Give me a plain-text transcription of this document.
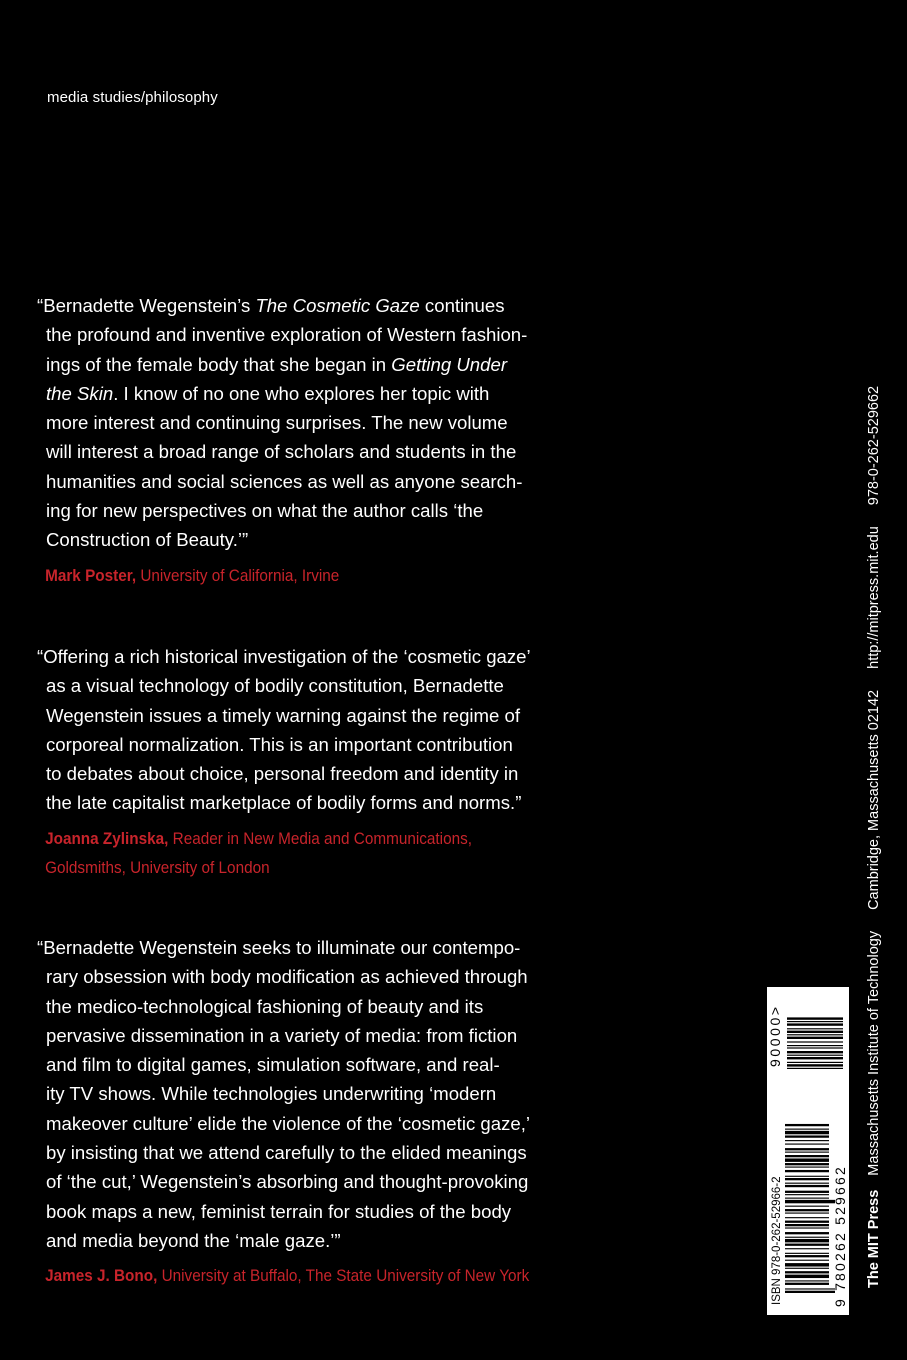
media studies/philosophy

“Bernadette Wegenstein’s The Cosmetic Gaze continues
the profound and inventive exploration of Western fashion-
ings of the female body that she began in Getting Under
the Skin. I know of no one who explores her topic with
more interest and continuing surprises. The new volume
will interest a broad range of scholars and students in the
humanities and social sciences as well as anyone search-
ing for new perspectives on what the author calls ‘the
Construction of Beauty.’”

Mark Poster, University of California, Irvine

“Offering a rich historical investigation of the ‘cosmetic gaze’
as a visual technology of bodily constitution, Bernadette
Wegenstein issues a timely warning against the regime of
corporeal normalization. This is an important contribution
to debates about choice, personal freedom and identity in
the late capitalist marketplace of bodily forms and norms.”

Joanna Zylinska, Reader in New Media and Communications,
Goldsmiths, University of London

“Bernadette Wegenstein seeks to illuminate our contempo-
rary obsession with body modification as achieved through
the medico-technological fashioning of beauty and its
pervasive dissemination in a variety of media: from fiction
and film to digital games, simulation software, and real-
ity TV shows. While technologies underwriting ‘modern
makeover culture’ elide the violence of the ‘cosmetic gaze,’
by insisting that we attend carefully to the elided meanings
of ‘the cut,’ Wegenstein’s absorbing and thought-provoking
book maps a new, feminist terrain for studies of the body
and media beyond the ‘male gaze.’”

James J. Bono, University at Buffalo, The State University of New York	ISBN 978-0-262-52966-2	9 780262 529662
90000>
The MIT PressMassachusetts Institute of TechnologyCambridge, Massachusetts 02142http://mitpress.mit.edu978-0-262-529662
